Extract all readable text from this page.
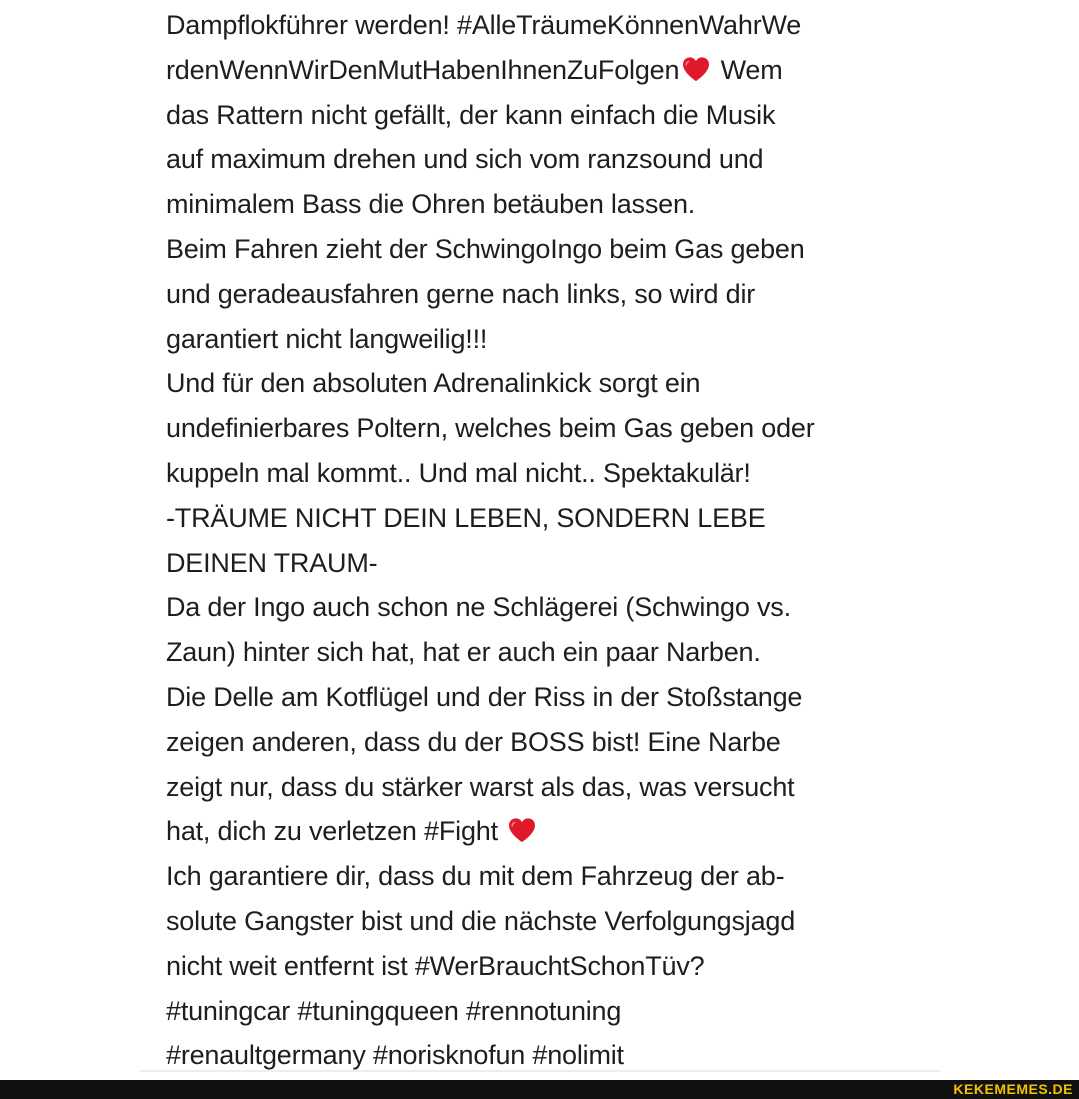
Dampflokführer werden! #AlleTräumeKönnenWahrWe
rdenWennWirDenMutHabenIhnenZuFolgen
Wem
das Rattern nicht gefällt, der kann einfach die Musik
auf maximum drehen und sich vom ranzsound und
minimalem Bass die Ohren betäuben lassen.
Beim Fahren zieht der SchwingoIngo beim Gas geben
und geradeausfahren gerne nach links, so wird dir
garantiert nicht langweilig!!!
Und für den absoluten Adrenalinkick sorgt ein
undefinierbares Poltern, welches beim Gas geben oder
kuppeln mal kommt.. Und mal nicht.. Spektakulär!
-TRÄUME NICHT DEIN LEBEN, SONDERN LEBE
DEINEN TRAUM-
Da der Ingo auch schon ne Schlägerei (Schwingo vs.
Zaun) hinter sich hat, hat er auch ein paar Narben.
Die Delle am Kotflügel und der Riss in der Stoßstange
zeigen anderen, dass du der BOSS bist! Eine Narbe
zeigt nur, dass du stärker warst als das, was versucht
hat, dich zu verletzen #Fight
Ich garantiere dir, dass du mit dem Fahrzeug der ab-
solute Gangster bist und die nächste Verfolgungsjagd
nicht weit entfernt ist #WerBrauchtSchonTüv?
#tuningcar #tuningqueen #rennotuning
#renaultgermany #norisknofun #nolimit
KEKEMEMES.DE
